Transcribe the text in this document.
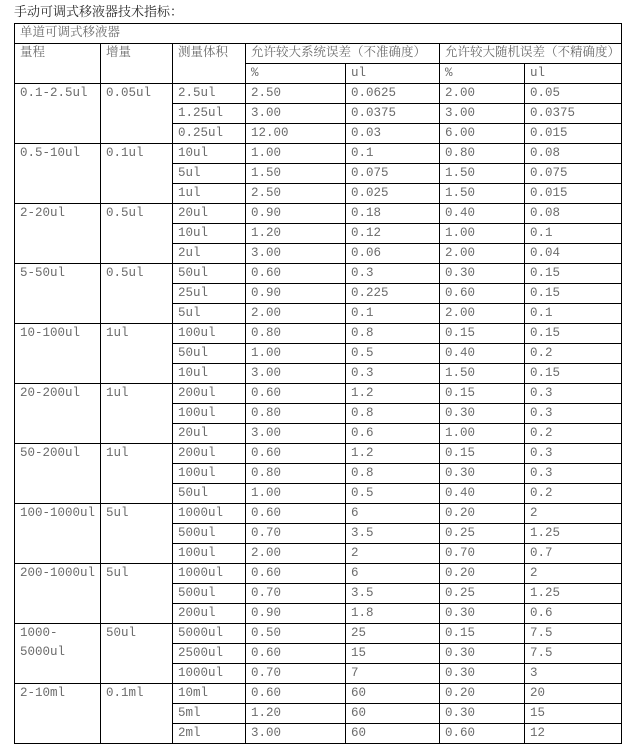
手动可调式移液器技术指标：
单道可调式移液器						
量程	增量	测量体积	允许较大系统误差（不准确度）		允许较大随机误差（不精确度）	
			%	ul	%	ul
0.1-2.5ul	0.05ul	2.5ul	2.50	0.0625	2.00	0.05
		1.25ul	3.00	0.0375	3.00	0.0375
		0.25ul	12.00	0.03	6.00	0.015
0.5-10ul	0.1ul	10ul	1.00	0.1	0.80	0.08
		5ul	1.50	0.075	1.50	0.075
		1ul	2.50	0.025	1.50	0.015
2-20ul	0.5ul	20ul	0.90	0.18	0.40	0.08
		10ul	1.20	0.12	1.00	0.1
		2ul	3.00	0.06	2.00	0.04
5-50ul	0.5ul	50ul	0.60	0.3	0.30	0.15
		25ul	0.90	0.225	0.60	0.15
		5ul	2.00	0.1	2.00	0.1
10-100ul	1ul	100ul	0.80	0.8	0.15	0.15
		50ul	1.00	0.5	0.40	0.2
		10ul	3.00	0.3	1.50	0.15
20-200ul	1ul	200ul	0.60	1.2	0.15	0.3
		100ul	0.80	0.8	0.30	0.3
		20ul	3.00	0.6	1.00	0.2
50-200ul	1ul	200ul	0.60	1.2	0.15	0.3
		100ul	0.80	0.8	0.30	0.3
		50ul	1.00	0.5	0.40	0.2
100-1000ul	5ul	1000ul	0.60	6	0.20	2
		500ul	0.70	3.5	0.25	1.25
		100ul	2.00	2	0.70	0.7
200-1000ul	5ul	1000ul	0.60	6	0.20	2
		500ul	0.70	3.5	0.25	1.25
		200ul	0.90	1.8	0.30	0.6
1000-
5000ul	50ul	5000ul	0.50	25	0.15	7.5
		2500ul	0.60	15	0.30	7.5
		1000ul	0.70	7	0.30	3
2-10ml	0.1ml	10ml	0.60	60	0.20	20
		5ml	1.20	60	0.30	15
		2ml	3.00	60	0.60	12
